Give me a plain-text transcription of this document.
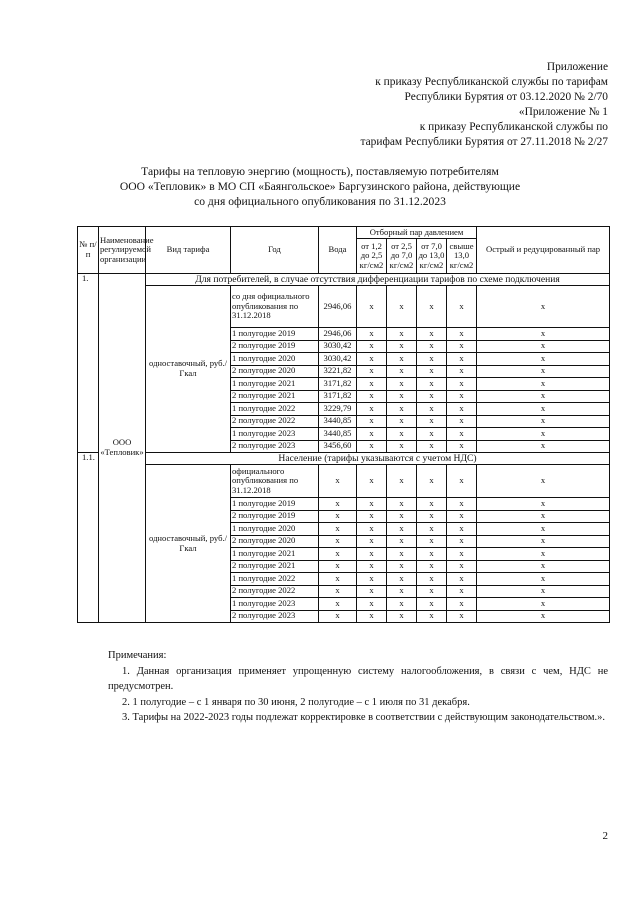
Приложение
к приказу Республиканской службы по тарифам
Республики Бурятия от 03.12.2020 № 2/70
«Приложение № 1
к приказу Республиканской службы по
тарифам Республики Бурятия от 27.11.2018 № 2/27
Тарифы на тепловую энергию (мощность), поставляемую потребителям
ООО «Тепловик» в МО СП «Баянгольское» Баргузинского района, действующие
со дня официального опубликования по 31.12.2023
№ п/п	Наименование регулируемой организации	Вид тарифа	Год	Вода	Отборный пар давлением				Острый и редуцированный пар
					от 1,2 до 2,5 кг/см2	от 2,5 до 7,0 кг/см2	от 7,0 до 13,0 кг/см2	свыше 13,0 кг/см2	
1.	ООО «Тепловик»	Для потребителей, в случае отсутствия дифференциации тарифов по схеме подключения							
		одноставочный, руб./Гкал	со дня официального опубликования по 31.12.2018	2946,06	x	x	x	x	x
			1 полугодие 2019	2946,06	x	x	x	x	x
			2 полугодие 2019	3030,42	x	x	x	x	x
			1 полугодие 2020	3030,42	x	x	x	x	x
			2 полугодие 2020	3221,82	x	x	x	x	x
			1 полугодие 2021	3171,82	x	x	x	x	x
			2 полугодие 2021	3171,82	x	x	x	x	x
			1 полугодие 2022	3229,79	x	x	x	x	x
			2 полугодие 2022	3440,85	x	x	x	x	x
			1 полугодие 2023	3440,85	x	x	x	x	x
			2 полугодие 2023	3456,60	x	x	x	x	x
1.1.		Население (тарифы указываются с учетом НДС)							
		одноставочный, руб./Гкал	официального опубликования по 31.12.2018	x	x	x	x	x	x
			1 полугодие 2019	x	x	x	x	x	x
			2 полугодие 2019	x	x	x	x	x	x
			1 полугодие 2020	x	x	x	x	x	x
			2 полугодие 2020	x	x	x	x	x	x
			1 полугодие 2021	x	x	x	x	x	x
			2 полугодие 2021	x	x	x	x	x	x
			1 полугодие 2022	x	x	x	x	x	x
			2 полугодие 2022	x	x	x	x	x	x
			1 полугодие 2023	x	x	x	x	x	x
			2 полугодие 2023	x	x	x	x	x	x

Примечания:

1. Данная организация применяет упрощенную систему налогообложения, в связи с чем, НДС не предусмотрен.

2. 1 полугодие – с 1 января по 30 июня, 2 полугодие – с 1 июля по 31 декабря.

3. Тарифы на 2022-2023 годы подлежат корректировке в соответствии с действующим законодательством.».

2
